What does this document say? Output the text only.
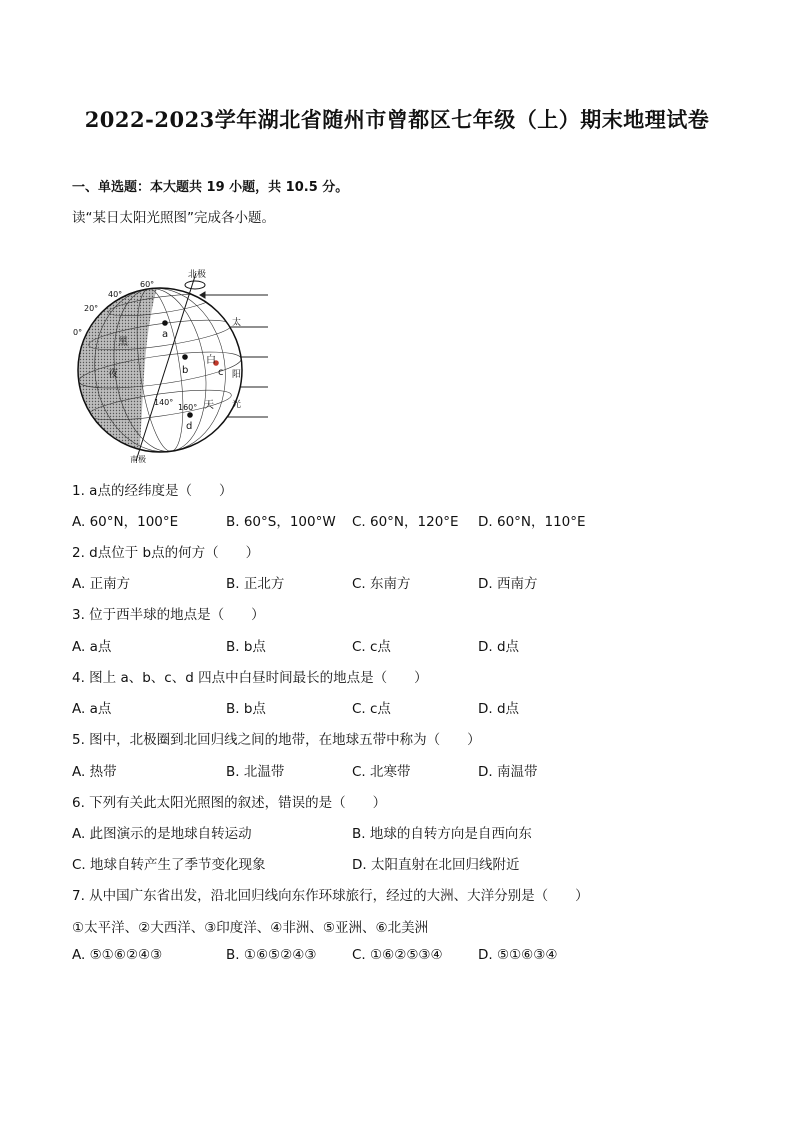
2022-2023学年湖北省随州市曾都区七年级（上）期末地理试卷
一、单选题：本大题共 19 小题，共 10.5 分。
读“某日太阳光照图”完成各小题。
北极
南极
60°
40°
20°
0°
140°
160°
黑
夜
白
天
太
阳
光
a
b	c
d
1. a点的经纬度是（　　）
A. 60°N，100°E	B. 60°S，100°W C. 60°N，120°E D. 60°N，110°E
2. d点位于 b点的何方（　　）
A. 正南方	B. 正北方	C. 东南方	D. 西南方
3. 位于西半球的地点是（　　）
A. a点	B. b点	C. c点	D. d点
4. 图上 a、b、c、d 四点中白昼时间最长的地点是（　　）
A. a点	B. b点	C. c点	D. d点
5. 图中，北极圈到北回归线之间的地带，在地球五带中称为（　　）
A. 热带	B. 北温带	C. 北寒带	D. 南温带
6. 下列有关此太阳光照图的叙述，错误的是（　　）
A. 此图演示的是地球自转运动	B. 地球的自转方向是自西向东
C. 地球自转产生了季节变化现象	D. 太阳直射在北回归线附近
7. 从中国广东省出发，沿北回归线向东作环球旅行，经过的大洲、大洋分别是（　　）
①太平洋、②大西洋、③印度洋、④非洲、⑤亚洲、⑥北美洲
A. ⑤①⑥②④③	B. ①⑥⑤②④③	C. ①⑥②⑤③④	D. ⑤①⑥③④
